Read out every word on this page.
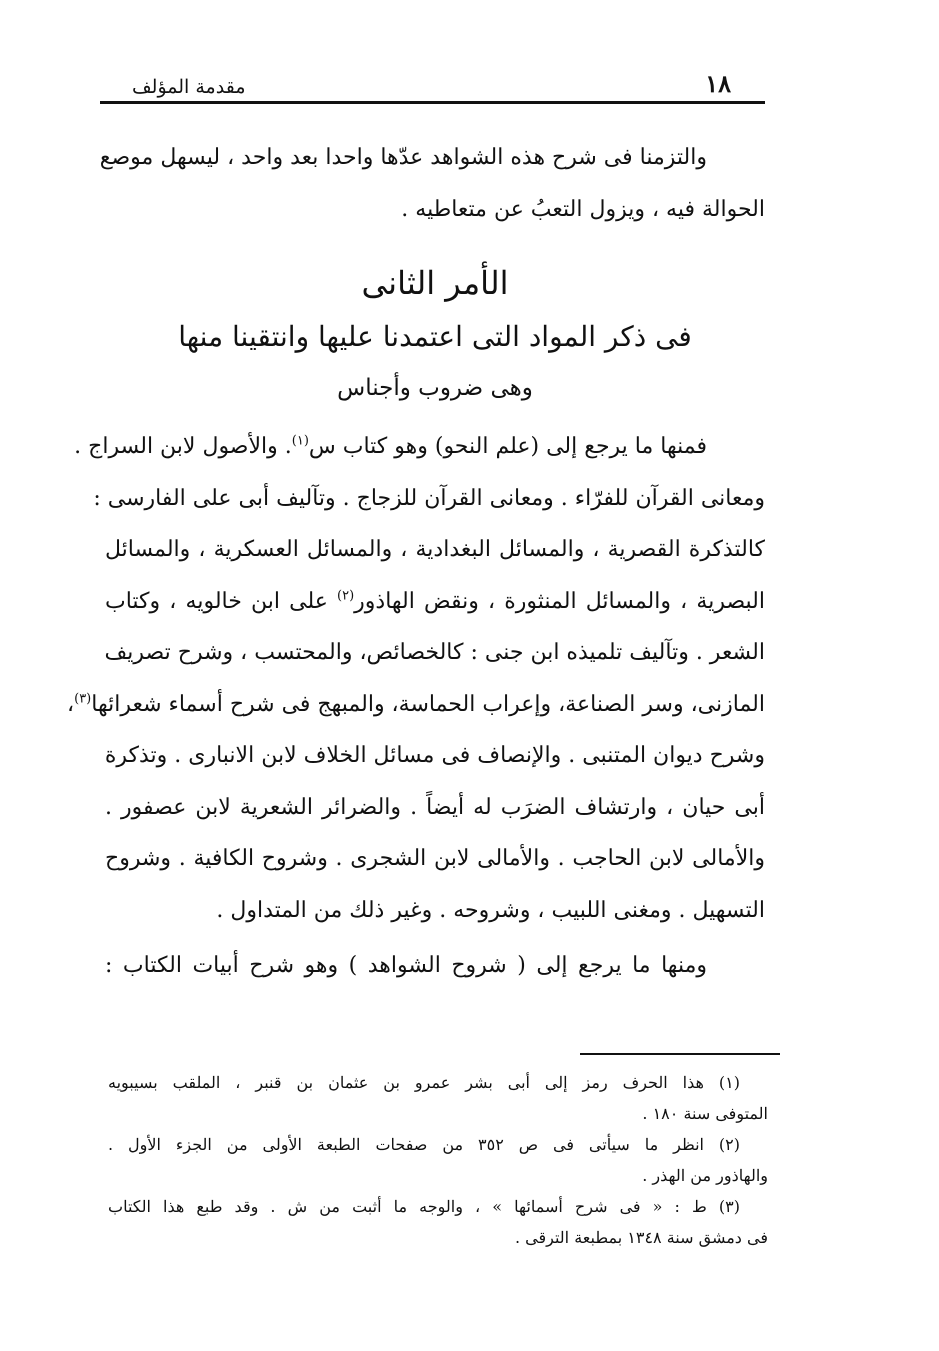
مقدمة المؤلف	١٨
والتزمنا فى شرح هذه الشواهد عدّها واحدا بعد واحد ، ليسهل موصع
الحوالة فيه ، ويزول التعبُ عن متعاطيه .
الأمر الثانى
فى ذكر المواد التى اعتمدنا عليها وانتقينا منها
وهى ضروب وأجناس
فمنها ما يرجع إلى (علم النحو) وهو كتاب س$^{(١)}$. والأصول لابن السراج .
ومعانى القرآن للفرّاء . ومعانى القرآن للزجاج . وتآليف أبى على الفارسى :
كالتذكرة القصرية ، والمسائل البغدادية ، والمسائل العسكرية ، والمسائل
البصرية ، والمسائل المنثورة ، ونقض الهاذور$^{(٢)}$ على ابن خالويه ، وكتاب
الشعر . وتآليف تلميذه ابن جنى : كالخصائص، والمحتسب ، وشرح تصريف
المازنى، وسر الصناعة، وإعراب الحماسة، والمبهج فى شرح أسماء شعرائها$^{(٣)}$،
وشرح ديوان المتنبى . والإنصاف فى مسائل الخلاف لابن الانبارى . وتذكرة
أبى حيان ، وارتشاف الضرَب له أيضاً . والضرائر الشعرية لابن عصفور .
والأمالى لابن الحاجب . والأمالى لابن الشجرى . وشروح الكافية . وشروح
التسهيل . ومغنى اللبيب ، وشروحه . وغير ذلك من المتداول .
ومنها ما يرجع إلى ( شروح الشواهد ) وهو شرح أبيات الكتاب :
(١) هذا الحرف رمز إلى أبى بشر عمرو بن عثمان بن قنبر ، الملقب بسيبويه
المتوفى سنة ١٨٠ .
(٢) انظر ما سيأتى فى ص ٣٥٢ من صفحات الطبعة الأولى من الجزء الأول .
والهاذور من الهذر .
(٣) ط : « فى شرح أسمائها » ، والوجه ما أثبت من ش . وقد طبع هذا الكتاب
فى دمشق سنة ١٣٤٨ بمطبعة الترقى .
